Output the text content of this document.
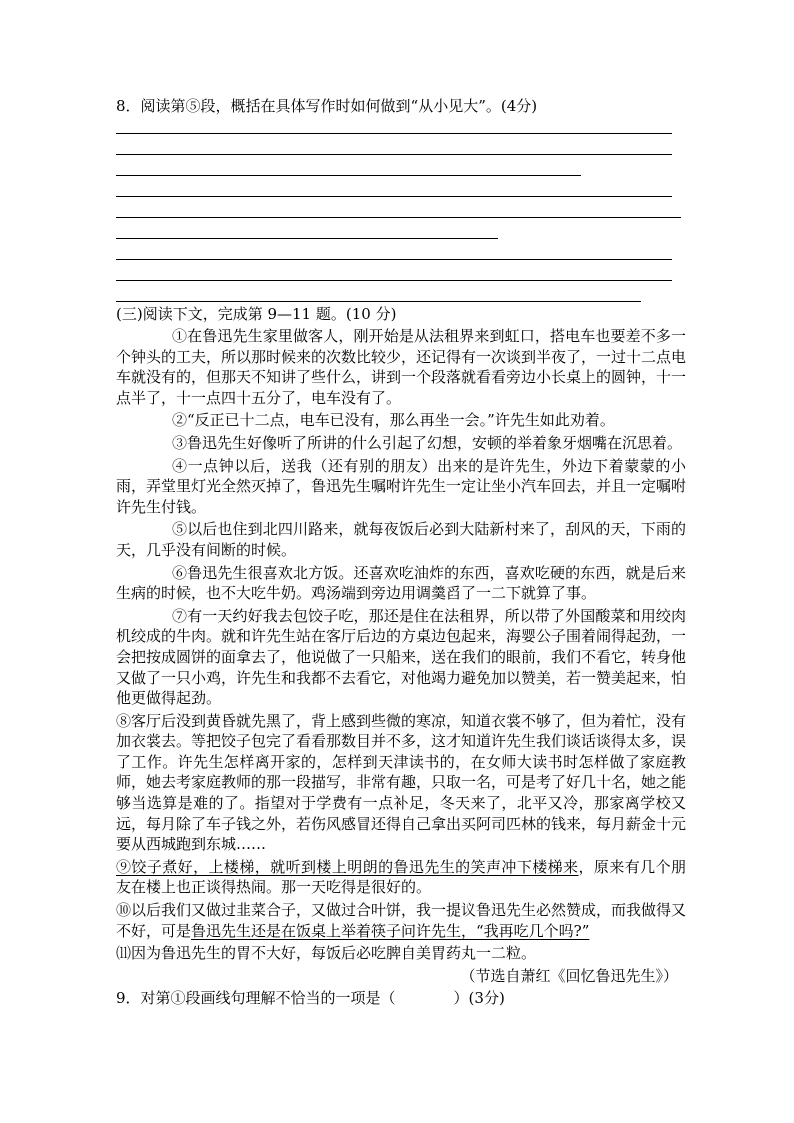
8．阅读第⑤段，概括在具体写作时如何做到“从小见大”。(4分)
(三)阅读下文，完成第 9—11 题。(10 分)

①在鲁迅先生家里做客人，刚开始是从法租界来到虹口，搭电车也要差不多一个钟头的工夫，所以那时候来的次数比较少，还记得有一次谈到半夜了，一过十二点电车就没有的，但那天不知讲了些什么，讲到一个段落就看看旁边小长桌上的圆钟，十一点半了，十一点四十五分了，电车没有了。

②“反正已十二点，电车已没有，那么再坐一会。”许先生如此劝着。

③鲁迅先生好像听了所讲的什么引起了幻想，安顿的举着象牙烟嘴在沉思着。

④一点钟以后，送我（还有别的朋友）出来的是许先生，外边下着蒙蒙的小雨，弄堂里灯光全然灭掉了，鲁迅先生嘱咐许先生一定让坐小汽车回去，并且一定嘱咐许先生付钱。

⑤以后也住到北四川路来，就每夜饭后必到大陆新村来了，刮风的天，下雨的天，几乎没有间断的时候。

⑥鲁迅先生很喜欢北方饭。还喜欢吃油炸的东西，喜欢吃硬的东西，就是后来生病的时候，也不大吃牛奶。鸡汤端到旁边用调羹舀了一二下就算了事。

⑦有一天约好我去包饺子吃，那还是住在法租界，所以带了外国酸菜和用绞肉机绞成的牛肉。就和许先生站在客厅后边的方桌边包起来，海婴公子围着闹得起劲，一会把按成圆饼的面拿去了，他说做了一只船来，送在我们的眼前，我们不看它，转身他又做了一只小鸡，许先生和我都不去看它，对他竭力避免加以赞美，若一赞美起来，怕他更做得起劲。

⑧客厅后没到黄昏就先黑了，背上感到些微的寒凉，知道衣裳不够了，但为着忙，没有加衣裳去。等把饺子包完了看看那数目并不多，这才知道许先生我们谈话谈得太多，误了工作。许先生怎样离开家的，怎样到天津读书的，在女师大读书时怎样做了家庭教师，她去考家庭教师的那一段描写，非常有趣，只取一名，可是考了好几十名，她之能够当选算是难的了。指望对于学费有一点补足，冬天来了，北平又冷，那家离学校又远，每月除了车子钱之外，若伤风感冒还得自己拿出买阿司匹林的钱来，每月薪金十元要从西城跑到东城……

⑨饺子煮好，上楼梯，就听到楼上明朗的鲁迅先生的笑声冲下楼梯来，原来有几个朋友在楼上也正谈得热闹。那一天吃得是很好的。

⑩以后我们又做过韭菜合子，又做过合叶饼，我一提议鲁迅先生必然赞成，而我做得又不好，可是鲁迅先生还是在饭桌上举着筷子问许先生，“我再吃几个吗?”

⑾因为鲁迅先生的胃不大好，每饭后必吃脾自美胃药丸一二粒。

（节选自萧红《回忆鲁迅先生》）
9．对第①段画线句理解不恰当的一项是（	）(3分)
